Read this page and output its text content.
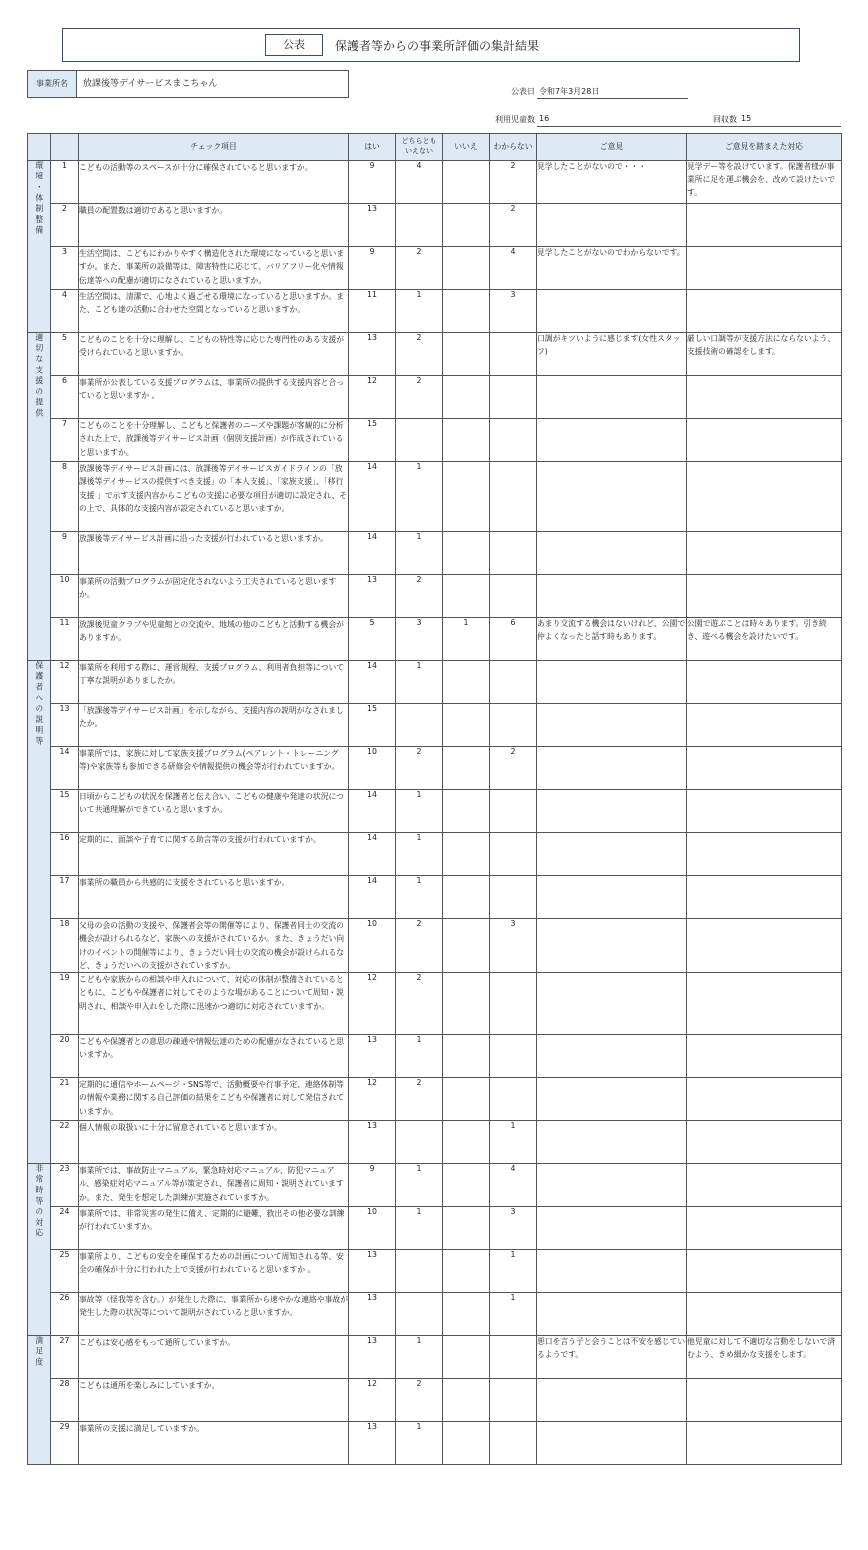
公表	保護者等からの事業所評価の集計結果
事業所名	放課後等デイサービスまこちゃん
公表日 令和7年3月28日
利用児童数 16	回収数 15
		チェック項目	はい	どちらとも
いえない	いいえ	わからない	ご意見	ご意見を踏まえた対応
環境・体制整備	1	こどもの活動等のスペースが十分に確保されていると思いますか。	9	4		2	見学したことがないので・・・	見学デー等を設けています。保護者様が事業所に足を運ぶ機会を、改めて設けたいです。
	2	職員の配置数は適切であると思いますか。	13			2		
	3	生活空間は、こどもにわかりやすく構造化された環境になっていると思いますか。また、事業所の設備等は、障害特性に応じて、バリアフリー化や情報伝達等への配慮が適切になされていると思いますか。	9	2		4	見学したことがないのでわからないです。	
	4	生活空間は、清潔で、心地よく過ごせる環境になっていると思いますか。また、こども達の活動に合わせた空間となっていると思いますか。	11	1		3		
適切な支援の提供	5	こどものことを十分に理解し、こどもの特性等に応じた専門性のある支援が受けられていると思いますか。	13	2			口調がキツいように感じます(女性スタッフ)	厳しい口調等が支援方法にならないよう、支援技術の確認をします。
	6	事業所が公表している支援プログラムは、事業所の提供する支援内容と合っていると思いますか 。	12	2				
	7	こどものことを十分理解し、こどもと保護者のニーズや課題が客観的に分析された上で、放課後等デイサービス計画（個別支援計画）が作成されていると思いますか。	15					
	8	放課後等デイサービス計画には、放課後等デイサービスガイドラインの「放課後等デイサービスの提供すべき支援」の「本人支援」、「家族支援」、「移行支援 」で示す支援内容からこどもの支援に必要な項目が適切に設定され、その上で、具体的な支援内容が設定されていると思いますか。	14	1				
	9	放課後等デイサービス計画に沿った支援が行われていると思いますか。	14	1				
	10	事業所の活動プログラムが固定化されないよう工夫されていると思いますか。	13	2				
	11	放課後児童クラブや児童館との交流や、地域の他のこどもと活動する機会がありますか。	5	3	1	6	あまり交流する機会はないけれど、公園で仲よくなったと話す時もあります。	公園で遊ぶことは時々あります。引き続き、遊べる機会を設けたいです。
保護者への説明等	12	事業所を利用する際に、運営規程、支援プログラム、利用者負担等について丁寧な説明がありましたか。	14	1				
	13	「放課後等デイサービス計画」を示しながら、支援内容の説明がなされましたか。	15					
	14	事業所では、家族に対して家族支援プログラム(ペアレント・トレーニング等)や家族等も参加できる研修会や情報提供の機会等が行われていますか。	10	2		2		
	15	日頃からこどもの状況を保護者と伝え合い、こどもの健康や発達の状況について共通理解ができていると思いますか。	14	1				
	16	定期的に、面談や子育てに関する助言等の支援が行われていますか。	14	1				
	17	事業所の職員から共感的に支援をされていると思いますか。	14	1				
	18	父母の会の活動の支援や、保護者会等の開催等により、保護者同士の交流の機会が設けられるなど、家族への支援がされているか。また、きょうだい向けのイベントの開催等により、きょうだい同士の交流の機会が設けられるなど、きょうだいへの支援がされていますか。	10	2		3		
	19	こどもや家族からの相談や申入れについて、対応の体制が整備されているとともに、こどもや保護者に対してそのような場があることについて周知・説明され、相談や申入れをした際に迅速かつ適切に対応されていますか。	12	2				
	20	こどもや保護者との意思の疎通や情報伝達のための配慮がなされていると思いますか。	13	1				
	21	定期的に通信やホームページ・SNS等で、活動概要や行事予定、連絡体制等の情報や業務に関する自己評価の結果をこどもや保護者に対して発信されていますか。	12	2				
	22	個人情報の取扱いに十分に留意されていると思いますか。	13			1		
非常時等の対応	23	事業所では、事故防止マニュアル、緊急時対応マニュアル、防犯マニュアル、感染症対応マニュアル等が策定され、保護者に周知・説明されていますか。また、発生を想定した訓練が実施されていますか。	9	1		4		
	24	事業所では、非常災害の発生に備え、定期的に避難、救出その他必要な訓練が行われていますか。	10	1		3		
	25	事業所より、こどもの安全を確保するための計画について周知される等、安全の確保が十分に行われた上で支援が行われていると思いますか 。	13			1		
	26	事故等（怪我等を含む。）が発生した際に、事業所から速やかな連絡や事故が発生した際の状況等について説明がされていると思いますか。	13			1		
満足度	27	こどもは安心感をもって通所していますか。	13	1			悪口を言う子と会うことは不安を感じているようです。	他児童に対して不適切な言動をしないで済むよう、きめ細かな支援をします。
	28	こどもは通所を楽しみにしていますか。	12	2				
	29	事業所の支援に満足していますか。	13	1				
